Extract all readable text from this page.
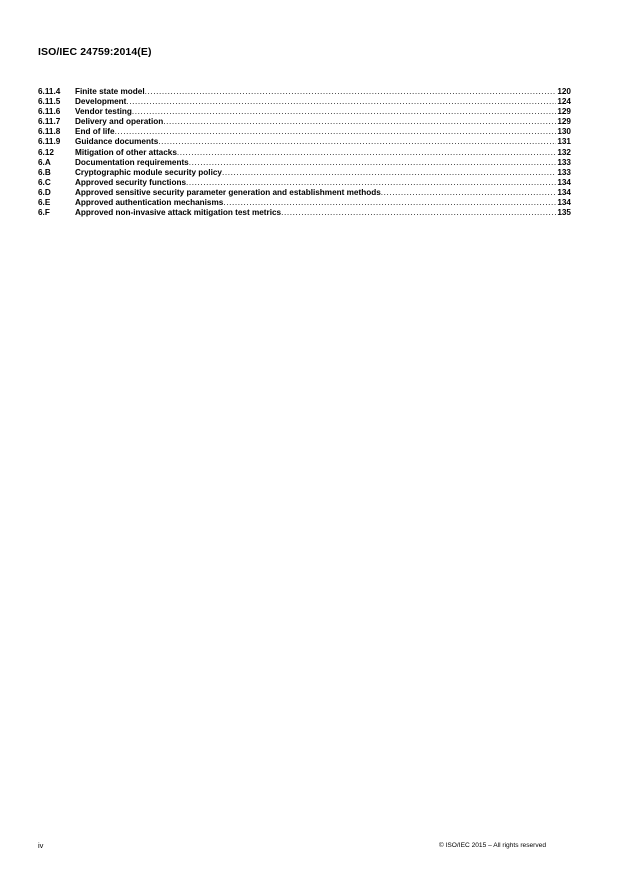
ISO/IEC 24759:2014(E)
6.11.4	Finite state model .....	120
6.11.5	Development .....	124
6.11.6	Vendor testing .....	129
6.11.7	Delivery and operation .....	129
6.11.8	End of life .....	130
6.11.9	Guidance documents .....	131
6.12	Mitigation of other attacks .....	132
6.A	Documentation requirements .....	133
6.B	Cryptographic module security policy .....	133
6.C	Approved security functions .....	134
6.D	Approved sensitive security parameter generation and establishment methods .....	134
6.E	Approved authentication mechanisms .....	134
6.F	Approved non-invasive attack mitigation test metrics .....	135
iv	© ISO/IEC 2015 – All rights reserved
